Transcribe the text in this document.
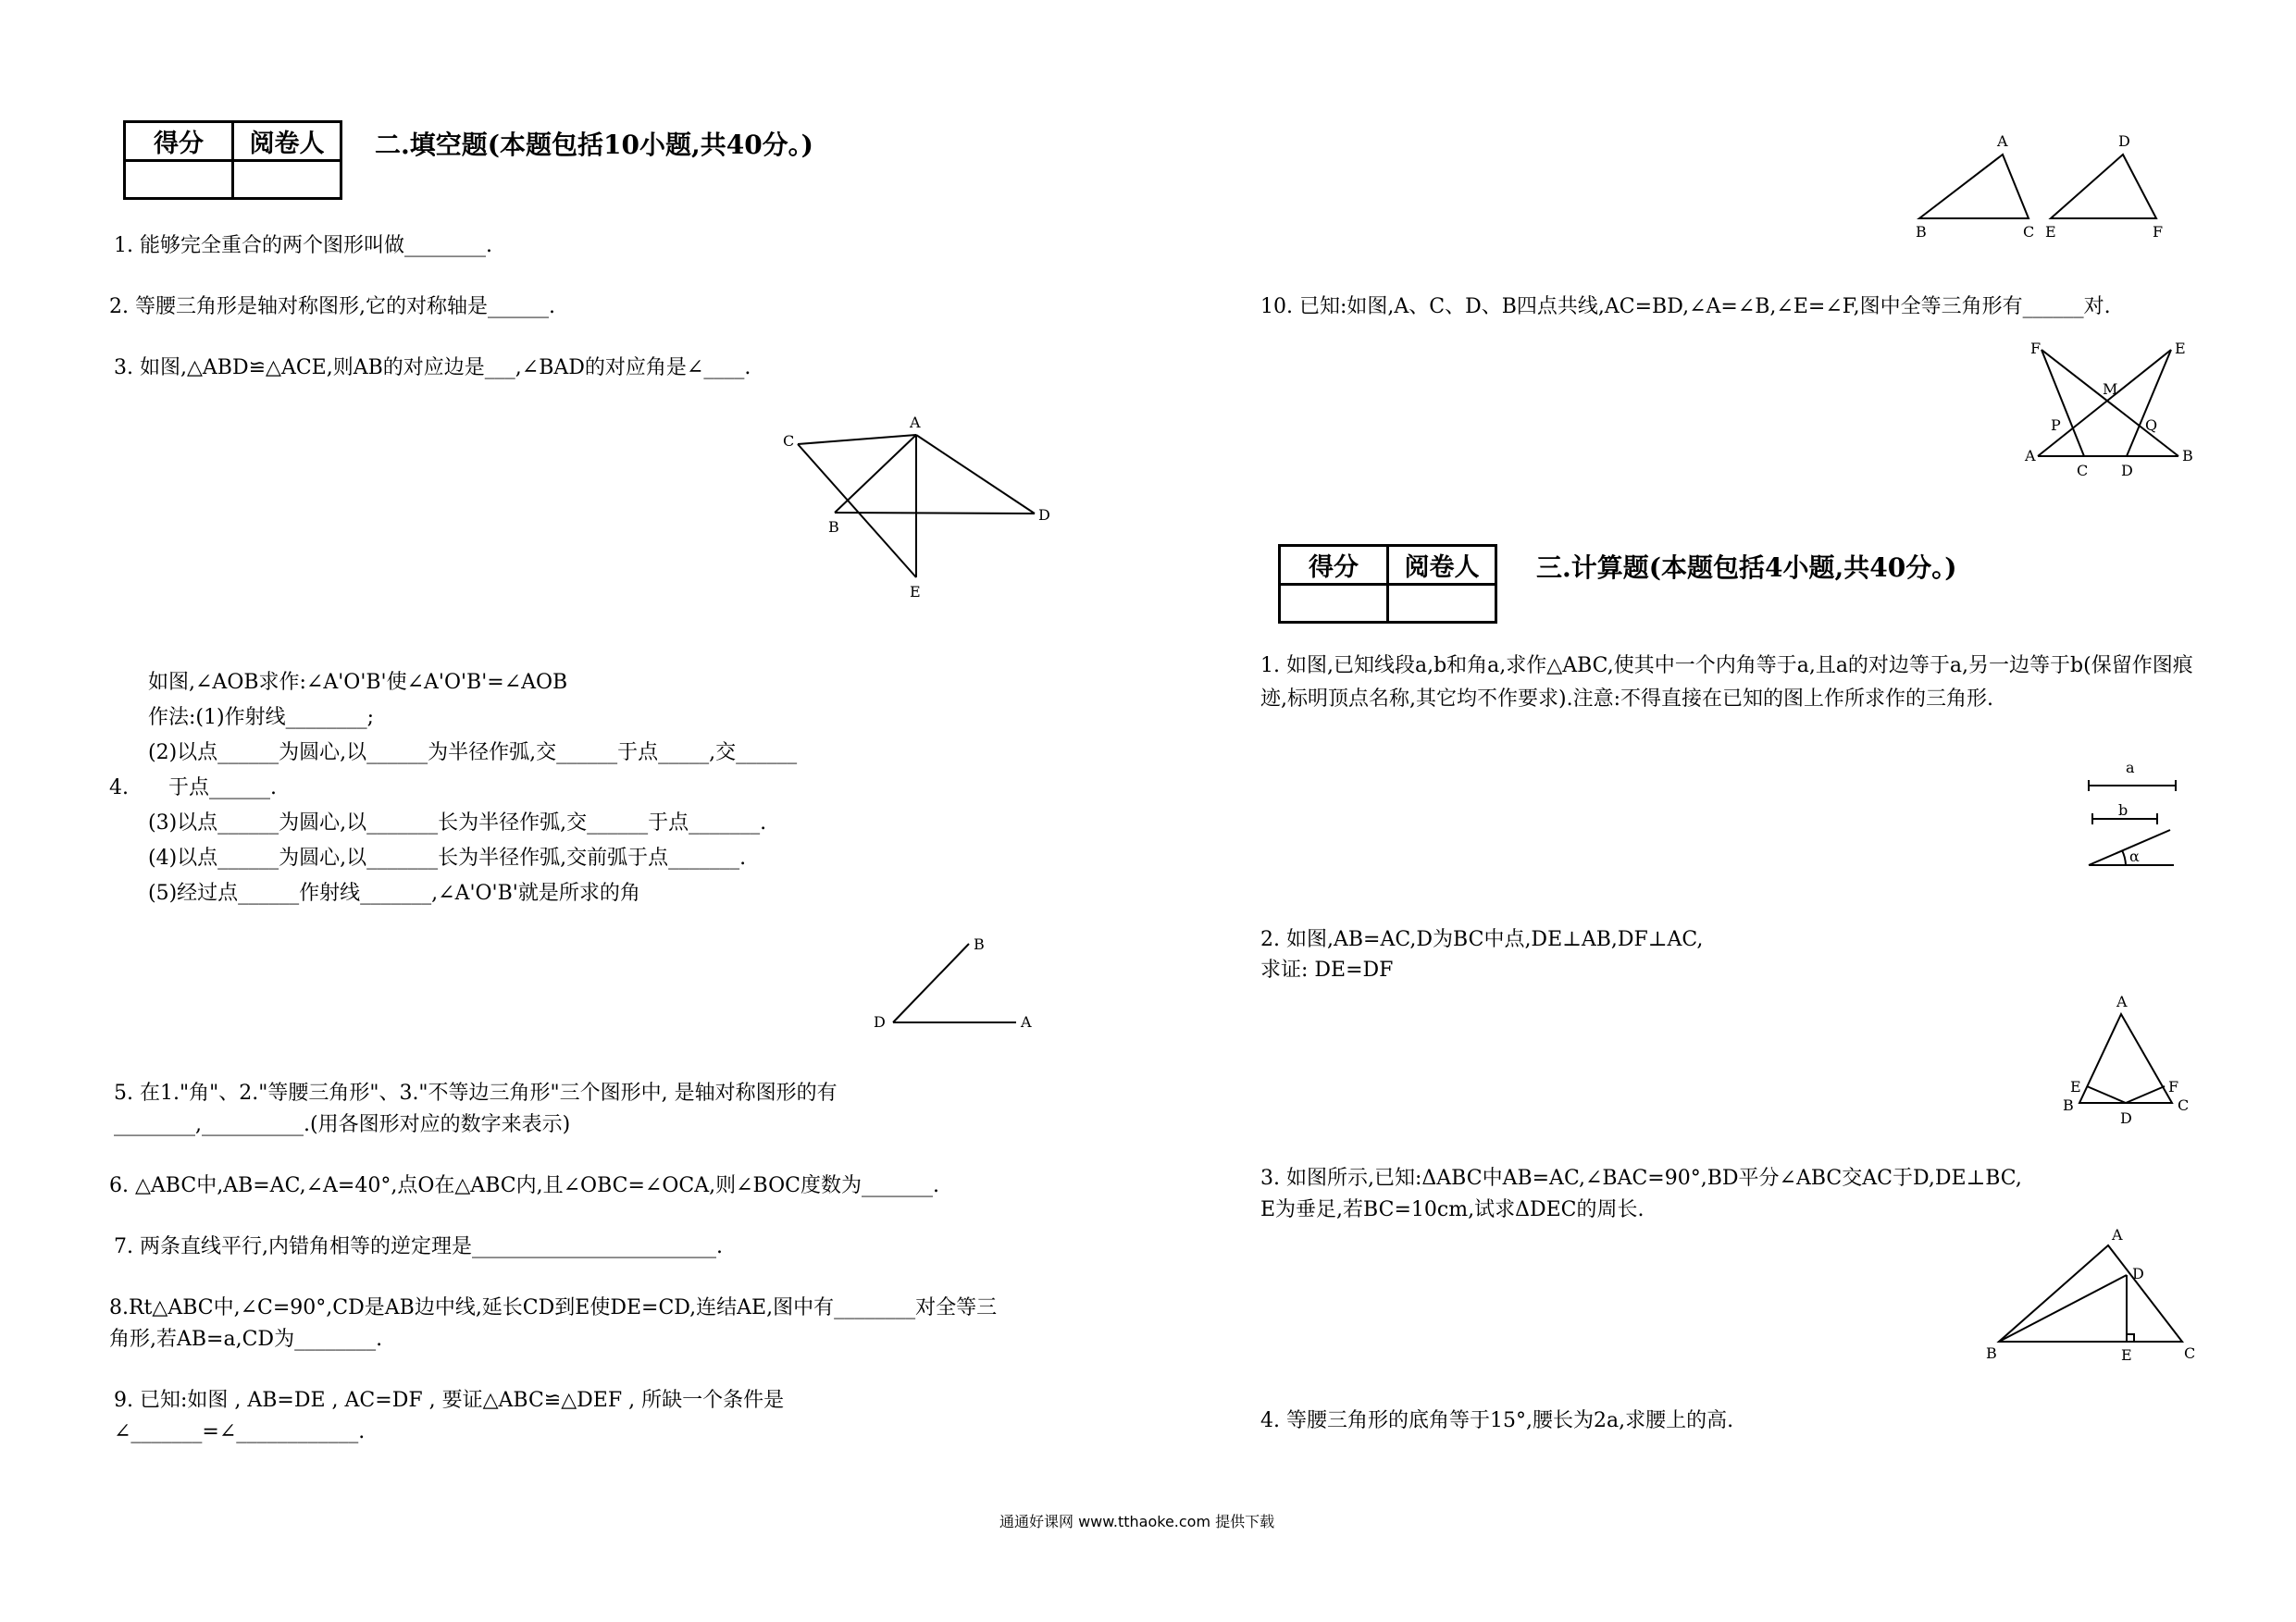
得分	阅卷人
	二.填空题(本题包括10小题,共40分。)
1. 能够完全重合的两个图形叫做________.
2. 等腰三角形是轴对称图形,它的对称轴是______.
3. 如图,△ABD≌△ACE,则AB的对应边是___,∠BAD的对应角是∠____.
A
B
C
D
E
如图,∠AOB求作:∠A'O'B'使∠A'O'B'=∠AOB
作法:(1)作射线________;
(2)以点______为圆心,以______为半径作弧,交______于点_____,交______
4. 于点______.
(3)以点______为圆心,以_______长为半径作弧,交______于点_______.
(4)以点______为圆心,以_______长为半径作弧,交前弧于点_______.
(5)经过点______作射线_______,∠A'O'B'就是所求的角
B
D	A
5. 在1."角"、2."等腰三角形"、3."不等边三角形"三个图形中, 是轴对称图形的有
________,__________.(用各图形对应的数字来表示)
6. △ABC中,AB=AC,∠A=40°,点O在△ABC内,且∠OBC=∠OCA,则∠BOC度数为_______.
7. 两条直线平行,内错角相等的逆定理是________________________.
8.Rt△ABC中,∠C=90°,CD是AB边中线,延长CD到E使DE=CD,连结AE,图中有________对全等三
角形,若AB=a,CD为________.
9. 已知:如图 , AB=DE , AC=DF , 要证△ABC≌△DEF , 所缺一个条件是
∠_______=∠____________.
A
B	C
D
E	F
10. 已知:如图,A、C、D、B四点共线,AC=BD,∠A=∠B,∠E=∠F,图中全等三角形有______对.
F	E
M
P	Q
A
C D
B
得分	阅卷人
	三.计算题(本题包括4小题,共40分。)
1. 如图,已知线段a,b和角a,求作△ABC,使其中一个内角等于a,且a的对边等于a,另一边等于b(保留作图痕迹,标明顶点名称,其它均不作要求).注意:不得直接在已知的图上作所求作的三角形.
a
b
α
2. 如图,AB=AC,D为BC中点,DE⊥AB,DF⊥AC,
求证: DE=DF
A
E	F
B	C
D
3. 如图所示,已知:ΔABC中AB=AC,∠BAC=90°,BD平分∠ABC交AC于D,DE⊥BC,
E为垂足,若BC=10cm,试求ΔDEC的周长.
A
D
B	E	C
4. 等腰三角形的底角等于15°,腰长为2a,求腰上的高.
通通好课网 www.tthaoke.com 提供下载
